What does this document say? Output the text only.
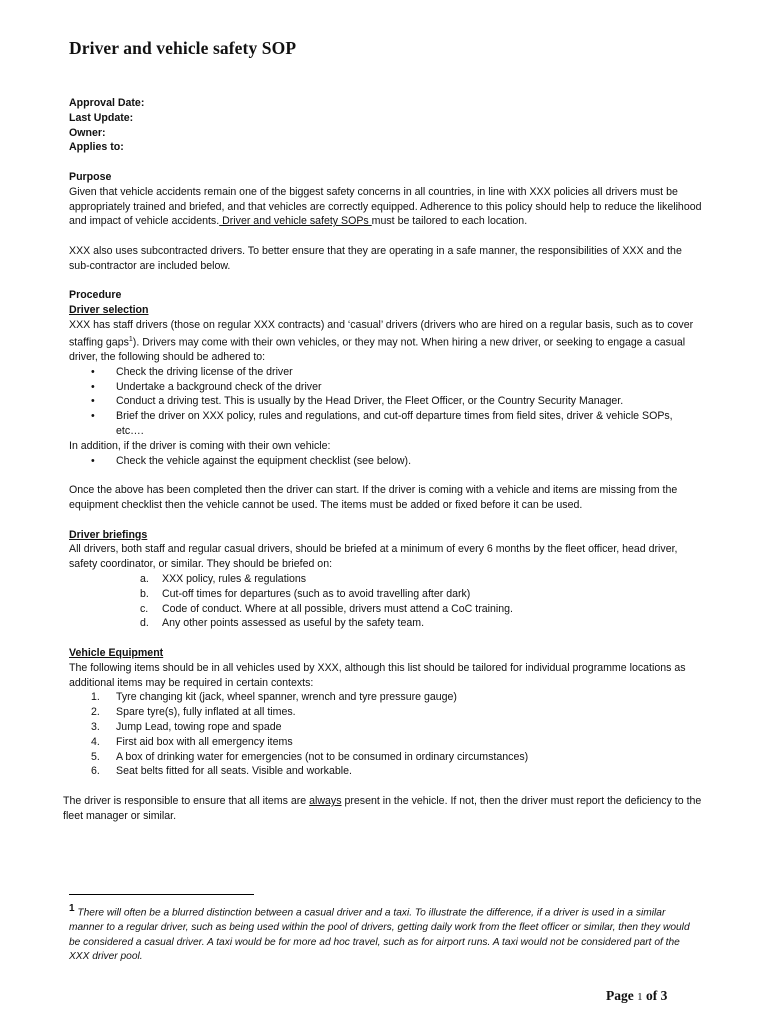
Driver and vehicle safety SOP
Approval Date:
Last Update:
Owner:
Applies to:
Purpose

Given that vehicle accidents remain one of the biggest safety concerns in all countries, in line with XXX policies all drivers must be appropriately trained and briefed, and that vehicles are correctly equipped. Adherence to this policy should help to reduce the likelihood and impact of vehicle accidents. Driver and vehicle safety SOPs must be tailored to each location.

XXX also uses subcontracted drivers. To better ensure that they are operating in a safe manner, the responsibilities of XXX and the sub-contractor are included below.

Procedure
Driver selection
XXX has staff drivers (those on regular XXX contracts) and ‘casual’ drivers (drivers who are hired on a regular basis, such as to cover staffing gaps$^1$). Drivers may come with their own vehicles, or they may not. When hiring a new driver, or seeking to engage a casual driver, the following should be adhered to:
• Check the driving license of the driver
• Undertake a background check of the driver
• Conduct a driving test. This is usually by the Head Driver, the Fleet Officer, or the Country Security Manager.
• Brief the driver on XXX policy, rules and regulations, and cut-off departure times from field sites, driver & vehicle SOPs, etc….
In addition, if the driver is coming with their own vehicle:
• Check the vehicle against the equipment checklist (see below).

Once the above has been completed then the driver can start. If the driver is coming with a vehicle and items are missing from the equipment checklist then the vehicle cannot be used. The items must be added or fixed before it can be used.

Driver briefings
All drivers, both staff and regular casual drivers, should be briefed at a minimum of every 6 months by the fleet officer, head driver, safety coordinator, or similar. They should be briefed on:
a. XXX policy, rules & regulations
b. Cut-off times for departures (such as to avoid travelling after dark)
c. Code of conduct. Where at all possible, drivers must attend a CoC training.
d. Any other points assessed as useful by the safety team.
Vehicle Equipment
The following items should be in all vehicles used by XXX, although this list should be tailored for individual programme locations as additional items may be required in certain contexts:
1. Tyre changing kit (jack, wheel spanner, wrench and tyre pressure gauge)
2. Spare tyre(s), fully inflated at all times.
3. Jump Lead, towing rope and spade
4. First aid box with all emergency items
5. A box of drinking water for emergencies (not to be consumed in ordinary circumstances)
6. Seat belts fitted for all seats. Visible and workable.

The driver is responsible to ensure that all items are always present in the vehicle. If not, then the driver must report the deficiency to the fleet manager or similar.

$^1$ There will often be a blurred distinction between a casual driver and a taxi. To illustrate the difference, if a driver is used in a similar manner to a regular driver, such as being used within the pool of drivers, getting daily work from the fleet officer or similar, then they would be considered a casual driver. A taxi would be for more ad hoc travel, such as for airport runs. A taxi would not be considered part of the XXX driver pool.
Page 1 of 3
